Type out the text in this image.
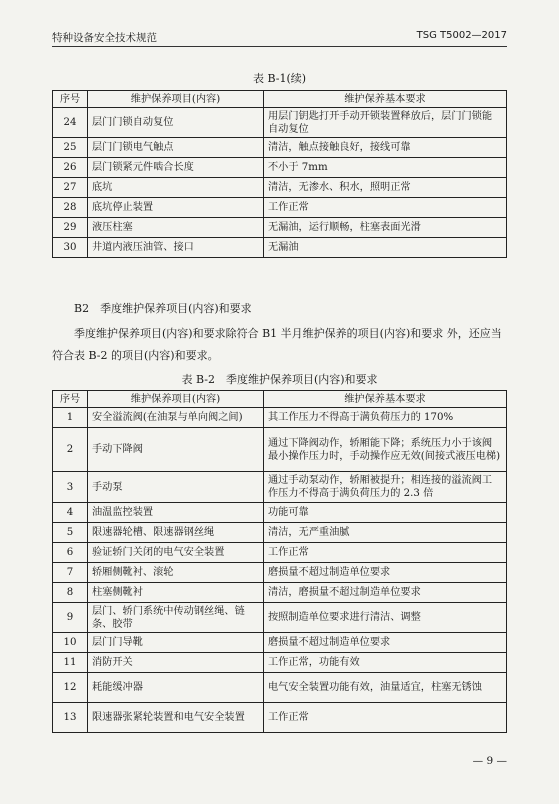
特种设备安全技术规范	TSG T5002—2017
表 B-1(续)
序号	维护保养项目(内容)	维护保养基本要求
24	层门门锁自动复位	用层门钥匙打开手动开锁装置释放后，层门门锁能自动复位
25	层门门锁电气触点	清洁，触点接触良好，接线可靠
26	层门锁紧元件啮合长度	不小于 7mm
27	底坑	清洁，无渗水、积水，照明正常
28	底坑停止装置	工作正常
29	液压柱塞	无漏油，运行顺畅，柱塞表面光滑
30	井道内液压油管、接口	无漏油
B2　季度维护保养项目(内容)和要求
季度维护保养项目(内容)和要求除符合 B1 半月维护保养的项目(内容)和要求 外，还应当符合表 B-2 的项目(内容)和要求。
表 B-2　季度维护保养项目(内容)和要求
序号	维护保养项目(内容)	维护保养基本要求
1	安全溢流阀(在油泵与单向阀之间)	其工作压力不得高于满负荷压力的 170%
2	手动下降阀	通过下降阀动作，轿厢能下降；系统压力小于该阀最小操作压力时，手动操作应无效(间接式液压电梯)
3	手动泵	通过手动泵动作，轿厢被提升；相连接的溢流阀工作压力不得高于满负荷压力的 2.3 倍
4	油温监控装置	功能可靠
5	限速器轮槽、限速器钢丝绳	清洁，无严重油腻
6	验证轿门关闭的电气安全装置	工作正常
7	轿厢侧靴衬、滚轮	磨损量不超过制造单位要求
8	柱塞侧靴衬	清洁，磨损量不超过制造单位要求
9	层门、轿门系统中传动钢丝绳、链条、胶带	按照制造单位要求进行清洁、调整
10	层门门导靴	磨损量不超过制造单位要求
11	消防开关	工作正常，功能有效
12	耗能缓冲器	电气安全装置功能有效，油量适宜，柱塞无锈蚀
13	限速器张紧轮装置和电气安全装置	工作正常
— 9 —
